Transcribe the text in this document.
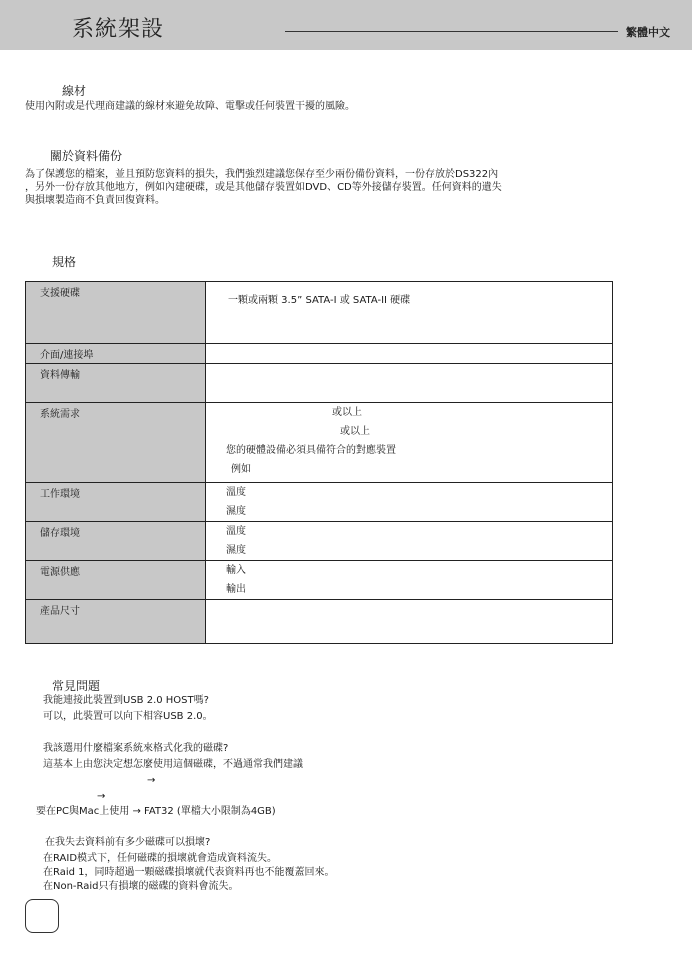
系統架設	繁體中文
線材
使用內附或是代理商建議的線材來避免故障、電擊或任何裝置干擾的風險。
關於資料備份
為了保護您的檔案，並且預防您資料的損失，我們強烈建議您保存至少兩份備份資料，一份存放於DS322內
，另外一份存放其他地方，例如內建硬碟，或是其他儲存裝置如DVD、CD等外接儲存裝置。任何資料的遺失
與損壞製造商不負責回復資料。
規格
支援硬碟	一顆或兩顆 3.5” SATA-I 或 SATA-II 硬碟

介面/連接埠	
資料傳輸	
系統需求	或以上
或以上
您的硬體設備必須具備符合的對應裝置
例如

工作環境	溫度
濕度

儲存環境	溫度
濕度

電源供應	輸入
輸出

產品尺寸	
常見問題
我能連接此裝置到USB 2.0 HOST嗎?
可以，此裝置可以向下相容USB 2.0。
我該選用什麼檔案系統來格式化我的磁碟?
這基本上由您決定想怎麼使用這個磁碟，不過通常我們建議
→
→
要在PC與Mac上使用 → FAT32 (單檔大小限制為4GB)
在我失去資料前有多少磁碟可以損壞?
在RAID模式下，任何磁碟的損壞就會造成資料流失。
在Raid 1，同時超過一顆磁碟損壞就代表資料再也不能覆蓋回來。
在Non-Raid只有損壞的磁碟的資料會流失。
